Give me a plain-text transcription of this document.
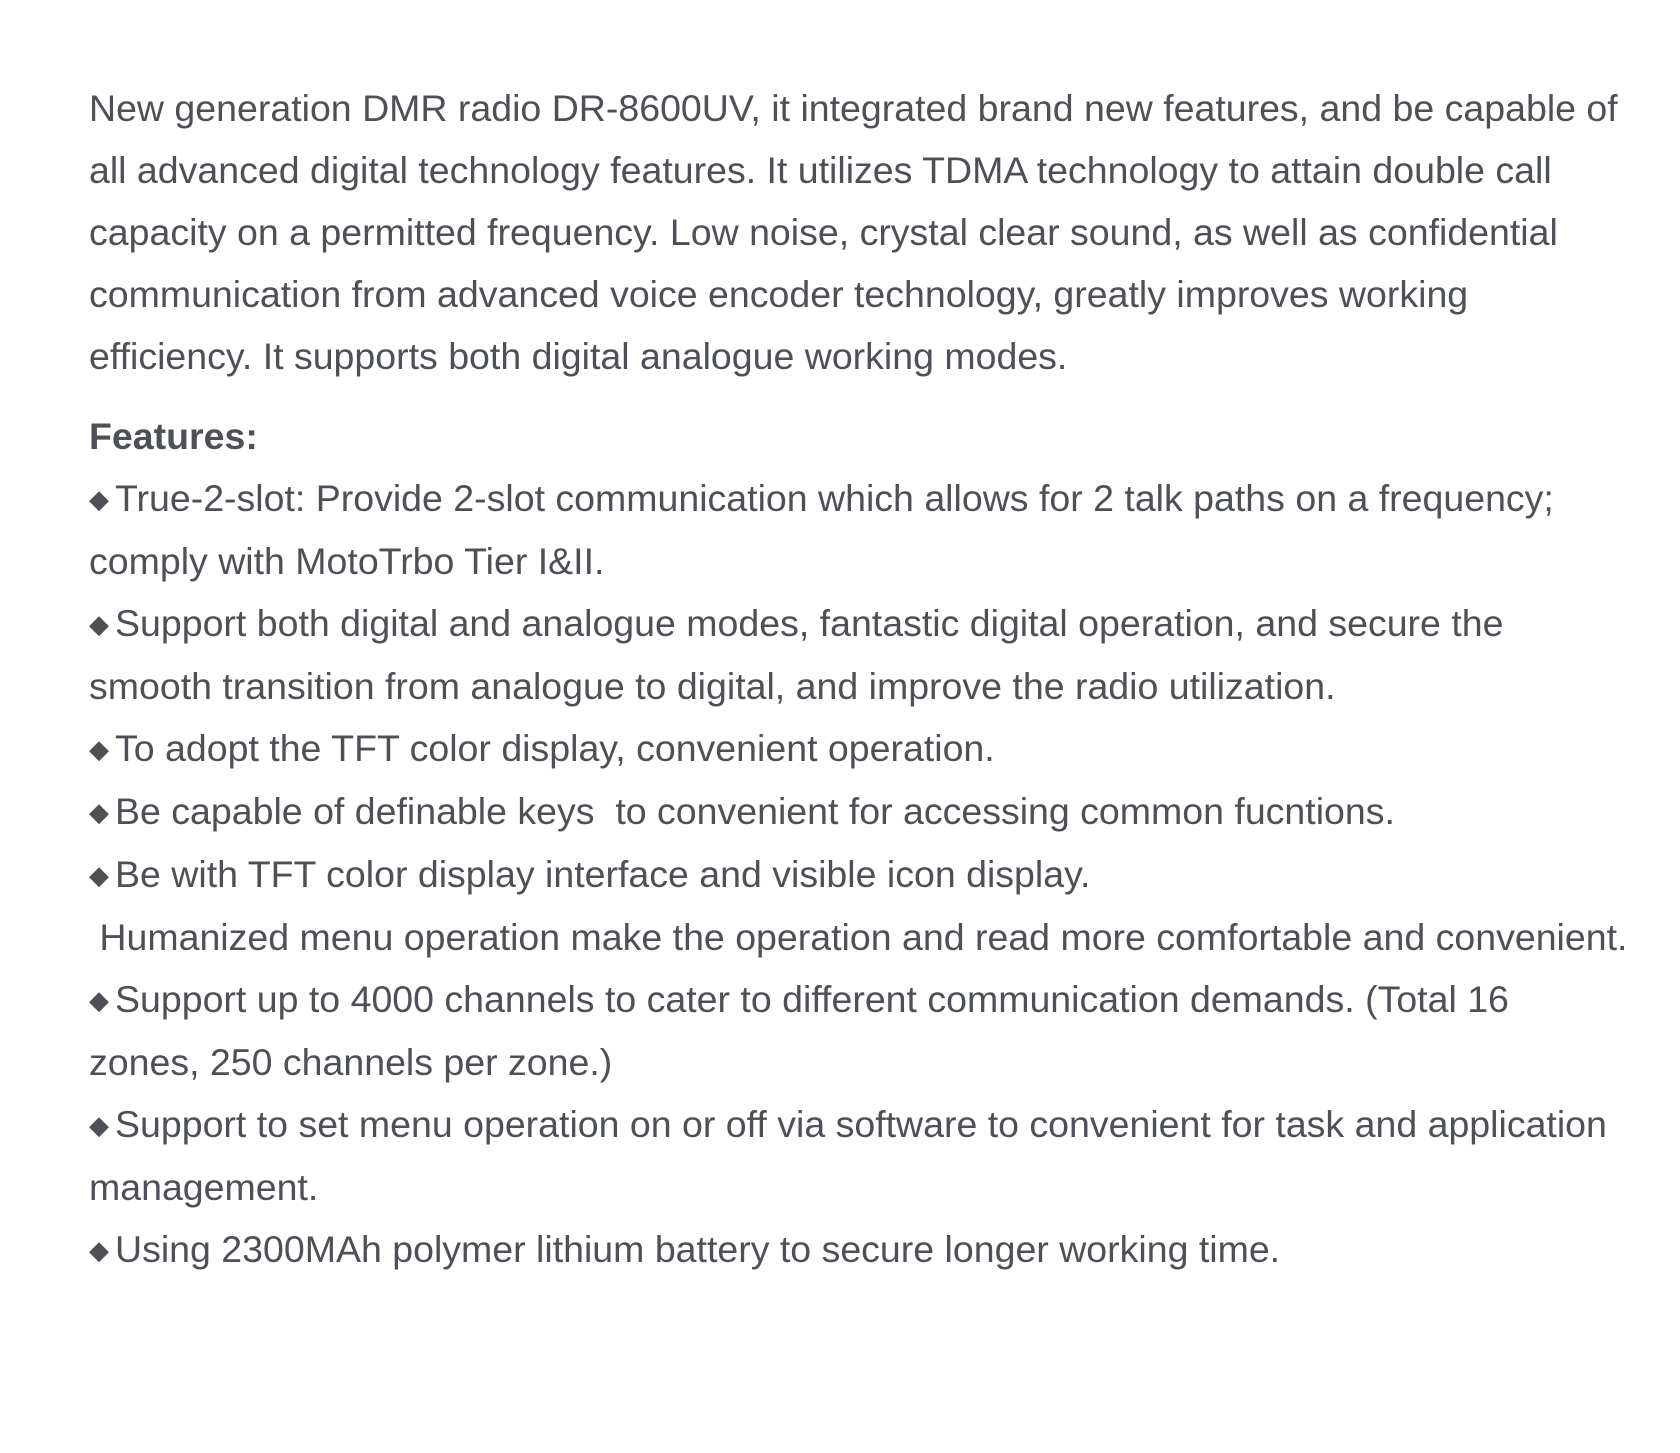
New generation DMR radio DR-8600UV, it integrated brand new features, and be capable of all advanced digital technology features. It utilizes TDMA technology to attain double call capacity on a permitted frequency. Low noise, crystal clear sound, as well as confidential communication from advanced voice encoder technology, greatly improves working efficiency. It supports both digital analogue working modes.

Features:

◆ True-2-slot: Provide 2-slot communication which allows for 2 talk paths on a frequency; comply with MotoTrbo Tier I&II.
◆ Support both digital and analogue modes, fantastic digital operation, and secure the smooth transition from analogue to digital, and improve the radio utilization.
◆ To adopt the TFT color display, convenient operation.
◆ Be capable of definable keys  to convenient for accessing common fucntions.
◆ Be with TFT color display interface and visible icon display.

Humanized menu operation make the operation and read more comfortable and convenient.

◆ Support up to 4000 channels to cater to different communication demands. (Total 16 zones, 250 channels per zone.)
◆ Support to set menu operation on or off via software to convenient for task and application management.
◆ Using 2300MAh polymer lithium battery to secure longer working time.
